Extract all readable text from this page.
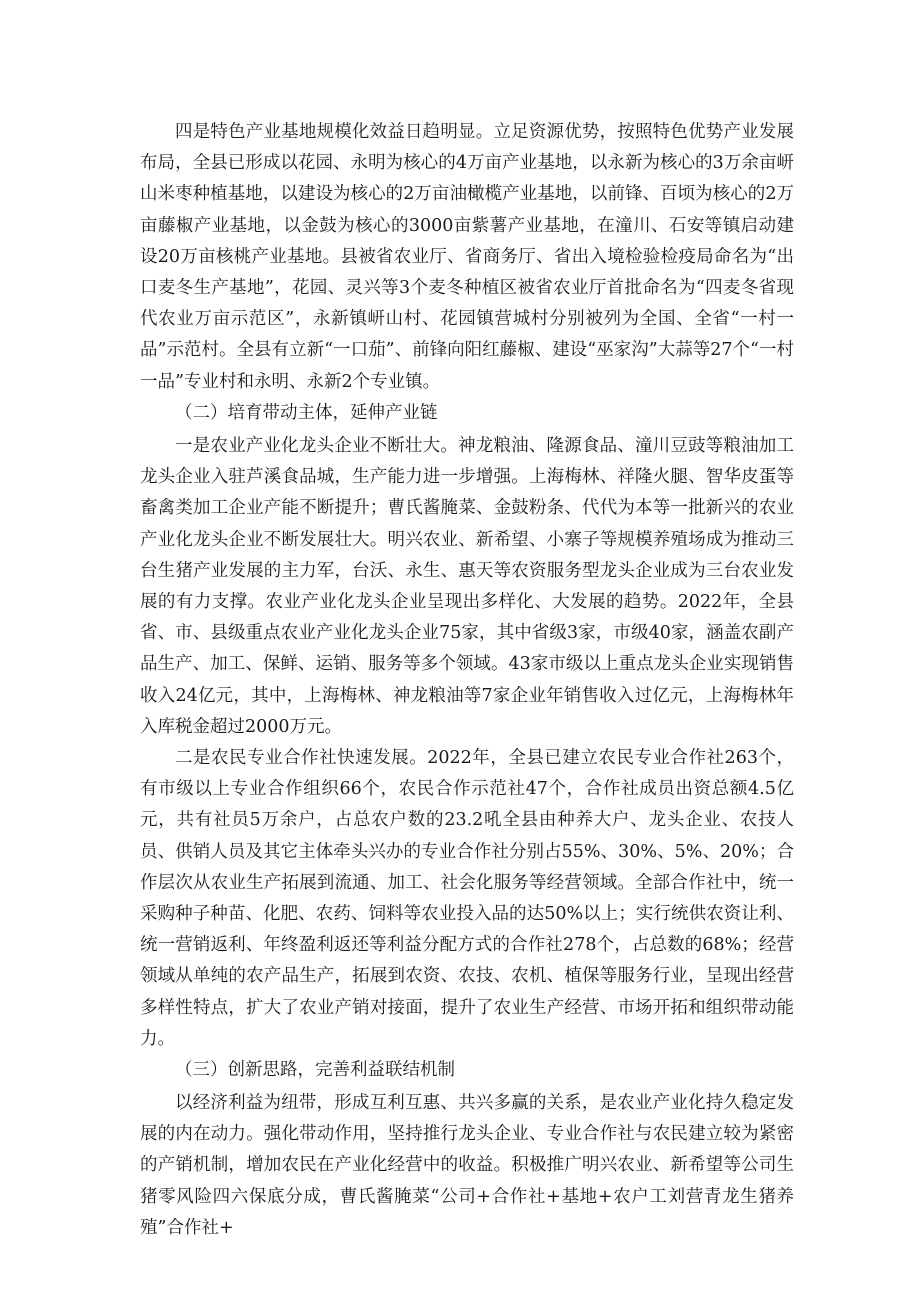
四是特色产业基地规模化效益日趋明显。立足资源优势，按照特色优势产业发展布局，全县已形成以花园、永明为核心的4万亩产业基地，以永新为核心的3万余亩岍山米枣种植基地，以建设为核心的2万亩油橄榄产业基地，以前锋、百顷为核心的2万亩藤椒产业基地，以金鼓为核心的3000亩紫薯产业基地，在潼川、石安等镇启动建设20万亩核桃产业基地。县被省农业厅、省商务厅、省出入境检验检疫局命名为“出口麦冬生产基地”，花园、灵兴等3个麦冬种植区被省农业厅首批命名为“四麦冬省现代农业万亩示范区”，永新镇岍山村、花园镇营城村分别被列为全国、全省“一村一品”示范村。全县有立新“一口茄”、前锋向阳红藤椒、建设“巫家沟”大蒜等27个“一村一品”专业村和永明、永新2个专业镇。

（二）培育带动主体，延伸产业链

一是农业产业化龙头企业不断壮大。神龙粮油、隆源食品、潼川豆豉等粮油加工龙头企业入驻芦溪食品城，生产能力进一步增强。上海梅林、祥隆火腿、智华皮蛋等畜禽类加工企业产能不断提升；曹氏酱腌菜、金鼓粉条、代代为本等一批新兴的农业产业化龙头企业不断发展壮大。明兴农业、新希望、小寨子等规模养殖场成为推动三台生猪产业发展的主力军，台沃、永生、惠天等农资服务型龙头企业成为三台农业发展的有力支撑。农业产业化龙头企业呈现出多样化、大发展的趋势。2022年，全县省、市、县级重点农业产业化龙头企业75家，其中省级3家，市级40家，涵盖农副产品生产、加工、保鲜、运销、服务等多个领域。43家市级以上重点龙头企业实现销售收入24亿元，其中，上海梅林、神龙粮油等7家企业年销售收入过亿元，上海梅林年入库税金超过2000万元。

二是农民专业合作社快速发展。2022年，全县已建立农民专业合作社263个，有市级以上专业合作组织66个，农民合作示范社47个，合作社成员出资总额4.5亿元，共有社员5万余户，占总农户数的23.2吼全县由种养大户、龙头企业、农技人员、供销人员及其它主体牵头兴办的专业合作社分别占55%、30%、5%、20%；合作层次从农业生产拓展到流通、加工、社会化服务等经营领域。全部合作社中，统一采购种子种苗、化肥、农药、饲料等农业投入品的达50%以上；实行统供农资让利、统一营销返利、年终盈利返还等利益分配方式的合作社278个，占总数的68%；经营领域从单纯的农产品生产，拓展到农资、农技、农机、植保等服务行业，呈现出经营多样性特点，扩大了农业产销对接面，提升了农业生产经营、市场开拓和组织带动能力。

（三）创新思路，完善利益联结机制

以经济利益为纽带，形成互利互惠、共兴多赢的关系，是农业产业化持久稳定发展的内在动力。强化带动作用，坚持推行龙头企业、专业合作社与农民建立较为紧密的产销机制，增加农民在产业化经营中的收益。积极推广明兴农业、新希望等公司生猪零风险四六保底分成，曹氏酱腌菜“公司+合作社+基地+农户工刘营青龙生猪养殖”合作社+
